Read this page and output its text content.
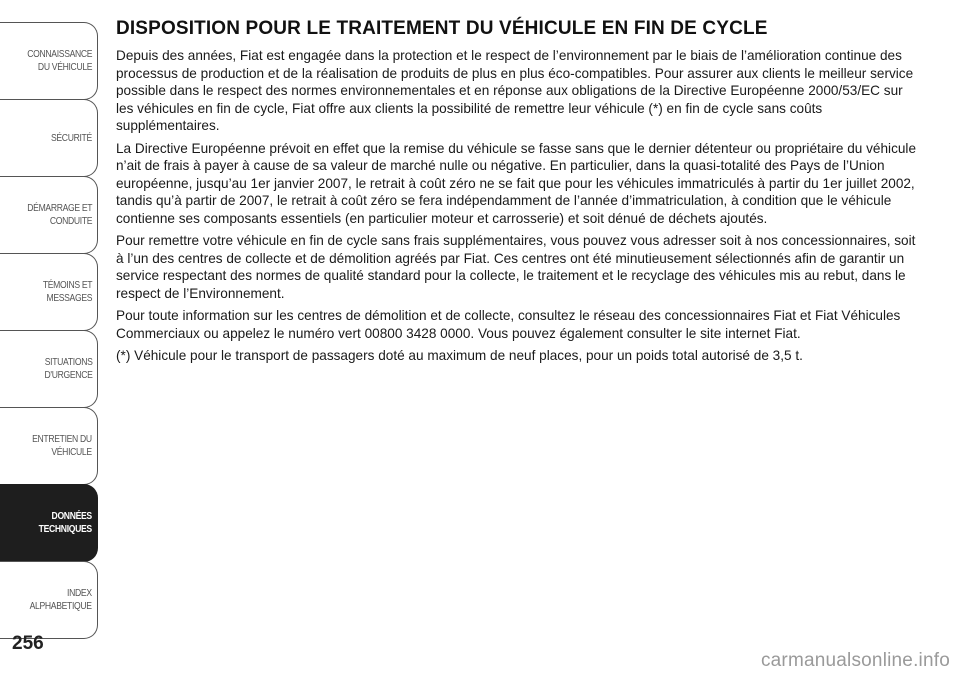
CONNAISSANCE
DU VÉHICULE
SÉCURITÉ
DÉMARRAGE ET
CONDUITE
TÉMOINS ET
MESSAGES
SITUATIONS
D'URGENCE
ENTRETIEN DU
VÉHICULE
DONNÉES
TECHNIQUES
INDEX
ALPHABETIQUE
256
DISPOSITION POUR LE TRAITEMENT DU VÉHICULE EN FIN DE CYCLE

Depuis des années, Fiat est engagée dans la protection et le respect de l’environnement par le biais de l’amélioration continue des processus de production et de la réalisation de produits de plus en plus éco-compatibles. Pour assurer aux clients le meilleur service possible dans le respect des normes environnementales et en réponse aux obligations de la Directive Européenne 2000/53/EC sur les véhicules en fin de cycle, Fiat offre aux clients la possibilité de remettre leur véhicule (*) en fin de cycle sans coûts supplémentaires.

La Directive Européenne prévoit en effet que la remise du véhicule se fasse sans que le dernier détenteur ou propriétaire du véhicule n’ait de frais à payer à cause de sa valeur de marché nulle ou négative. En particulier, dans la quasi-totalité des Pays de l’Union européenne, jusqu’au 1er janvier 2007, le retrait à coût zéro ne se fait que pour les véhicules immatriculés à partir du 1er juillet 2002, tandis qu’à partir de 2007, le retrait à coût zéro se fera indépendamment de l’année d’immatriculation, à condition que le véhicule contienne ses composants essentiels (en particulier moteur et carrosserie) et soit dénué de déchets ajoutés.

Pour remettre votre véhicule en fin de cycle sans frais supplémentaires, vous pouvez vous adresser soit à nos concessionnaires, soit à l’un des centres de collecte et de démolition agréés par Fiat. Ces centres ont été minutieusement sélectionnés afin de garantir un service respectant des normes de qualité standard pour la collecte, le traitement et le recyclage des véhicules mis au rebut, dans le respect de l’Environnement.

Pour toute information sur les centres de démolition et de collecte, consultez le réseau des concessionnaires Fiat et Fiat Véhicules Commerciaux ou appelez le numéro vert 00800 3428 0000. Vous pouvez également consulter le site internet Fiat.

(*) Véhicule pour le transport de passagers doté au maximum de neuf places, pour un poids total autorisé de 3,5 t.

carmanualsonline.info
